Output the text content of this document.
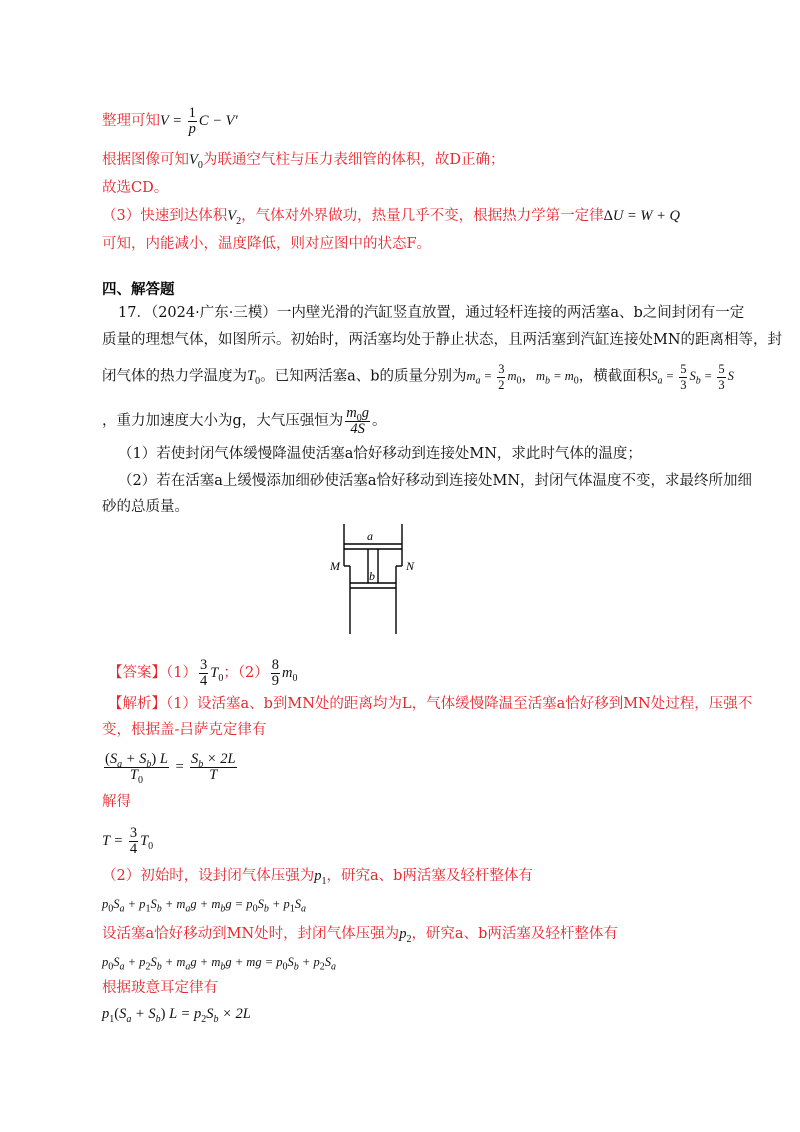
整理可知$V = \frac{1}{p}$ C − V′
根据图像可知$V_0$为联通空气柱与压力表细管的体积，故D正确；
故选CD。
（3）快速到达体积$V_2$，气体对外界做功，热量几乎不变，根据热力学第一定律ΔU = W + Q
可知，内能减小，温度降低，则对应图中的状态F。
四、解答题
17．（2024·广东·三模）一内壁光滑的汽缸竖直放置，通过轻杆连接的两活塞a、b之间封闭有一定
质量的理想气体，如图所示。初始时，两活塞均处于静止状态，且两活塞到汽缸连接处MN的距离相等，封
闭气体的热力学温度为$T_0$。已知两活塞a、b的质量分别为$m_a = \frac{3}{2} m_0$，$m_b = m_0$，横截面积$S_a = \frac{5}{3} S_b = \frac{5}{3}$ S
，重力加速度大小为g，大气压强恒为 $\frac{m_0g}{4S}$ 。
（1）若使封闭气体缓慢降温使活塞a恰好移动到连接处MN，求此时气体的温度；
（2）若在活塞a上缓慢添加细砂使活塞a恰好移动到连接处MN，封闭气体温度不变，求最终所加细
砂的总质量。
a
b
M	N
【答案】$(1) \frac{3}{4} T_0$；$(2) \frac{8}{9} m_0$
【解析】（1）设活塞a、b到MN处的距离均为L，气体缓慢降温至活塞a恰好移到MN处过程，压强不
变，根据盖-吕萨克定律有
$\frac{(S_a + S_b) L}{T_0} = \frac{S_b \times 2L}{T}$
解得
$T = \frac{3}{4} T_0$
（2）初始时，设封闭气体压强为$p_1$，研究a、b两活塞及轻杆整体有
$p_0S_a + p_1S_b + m_ag + m_bg = p_0S_b + p_1S_a$
设活塞a恰好移动到MN处时，封闭气体压强为$p_2$，研究a、b两活塞及轻杆整体有
$p_0S_a + p_2S_b + m_ag + m_bg$ + mg = $p_0S_b + p_2S_a$
根据玻意耳定律有
$p_1(S_a + S_b) L = p_2S_b \times 2L$
